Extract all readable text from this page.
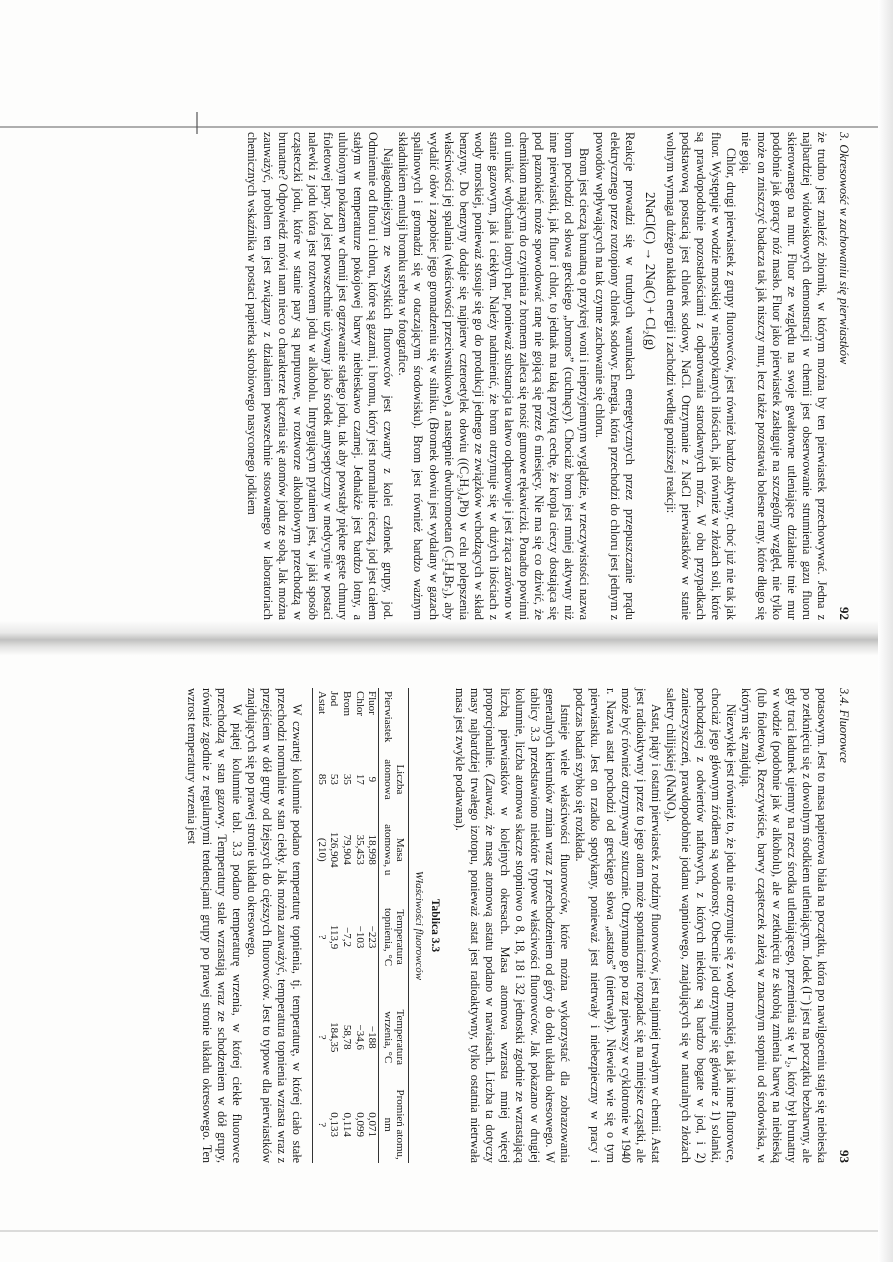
3. Okresowość w zachowaniu się pierwiastków
92

że trudno jest znaleźć zbiornik, w którym można by ten pierwiastek przechowywać. Jedna z najbardziej widowiskowych demonstracji w chemii jest obserwowanie strumienia gazu fluoru skierowanego na mur. Fluor ze względu na swoje gwałtowne utleniające działanie tnie mur podobnie jak gorący nóż masło. Fluor jako pierwiastek zasługuje na szczególny względ, nie tylko może on zniszczyć badacza tak jak niszczy mur, lecz także pozostawia bolesne rany, które długo się nie goją.

Chlor, drugi pierwiastek z grupy fluorowców, jest również bardzo aktywny, choć już nie tak jak fluor. Występuje w wodzie morskiej w niespotykanych ilościach, jak również w złożach soli, które są prawdopodobnie pozostałościami z odparowania starodawnych mórz. W obu przypadkach podstawową postacią jest chlorek sodowy, NaCl. Otrzymanie z NaCl pierwiastków w stanie wolnym wymaga dużego nakładu energii i zachodzi według poniższej reakcji:

2NaCl(C) → 2Na(C) + Cl₂(g)

Reakcje prowadzi się w trudnych warunkach energetycznych przez przepuszczanie prądu elektrycznego przez roztopiony chlorek sodowy. Energia, która przechodzi do chloru jest jednym z powodów wpływających na tak czynne zachowanie się chloru.

Brom jest cieczą brunatną o przykrej woni i nieprzyjemnym wyglądzie, w rzeczywistości nazwa brom pochodzi od słowa greckiego „bromos” (cuchnący). Chociaż brom jest mniej aktywny niż inne pierwiastki, jak fluor i chlor, to jednak ma taką przykrą cechę, że kropla cieczy dostająca się pod paznokieć może spowodować ranę nie gojącą się przez 6 miesięcy. Nie ma się co dziwić, że chemikom mającym do czynienia z bromem zaleca się nosić gumowe rękawiczki. Ponadto powinni oni unikać wdychania lotnych par, ponieważ substancja ta łatwo odparowuje i jest żrąca zarówno w stanie gazowym, jak i ciekłym. Należy nadmienić, że brom otrzymuje się w dużych ilościach z wody morskiej, ponieważ stosuje się go do produkcji jednego ze związków wchodzących w skład benzyny. Do benzyny dodaje się najpierw czteroetylek ołowiu ((C₂H₅)₄Pb) w celu polepszenia właściwości jej spalania (właściwości przeciwstukowe), a następnie dwubromoetan (C₂H₄Br₂), aby wydalić ołów i zapobiec jego gromadzeniu się w silniku. (Bromek ołowiu jest wydalany w gazach spalinowych i gromadzi się w otaczającym środowisku). Brom jest również bardzo ważnym składnikiem emulsji bromku srebra w fotografice.

Najłagodniejszym ze wszystkich fluorowców jest czwarty z kolei członek grupy, jod. Odmiennie od fluoru i chloru, które są gazami, i bromu, który jest normalnie cieczą, jod jest ciałem stałym w temperaturze pokojowej barwy niebieskawo czarnej. Jednakże jest bardzo lotny, a ulubionym pokazem w chemii jest ogrzewanie stałego jodu, tak aby powstały piękne gęste chmury fioletowej pary. Jod jest powszechnie używany jako środek antyseptyczny w medycynie w postaci nalewki z jodu która jest roztworem jodu w alkoholu. Intrygującym pytaniem jest, w jaki sposób cząsteczki jodu, które w stanie pary są purpurowe, w roztworze alkoholowym przechodzą w brunatne? Odpowiedź mówi nam nieco o charakterze łączenia się atomów jodu ze sobą. Jak można zauważyć, problem ten jest związany z działaniem powszechnie stosowanego w laboratoriach chemicznych wskaźnika w postaci papierka skrobiowego nasyconego jodkiem

3.4. Fluorowce
93

potasowym. Jest to masa papierowa biała na początku, która po nawilgoceniu staje się niebieska po zetknięciu się z dowolnym środkiem utleniającym. Jodek (I⁻) jest na początku bezbarwny, ale gdy traci ładunek ujemny na rzecz środka utleniającego, przemienia się w I₂, który był brunatny w wodzie (podobnie jak w alkoholu), ale w zetknięciu ze skrobią zmienia barwę na niebieską (lub fioletową). Rzeczywiście, barwy cząsteczek zależą w znacznym stopniu od środowiska, w którym się znajdują.

Niezwykłe jest również to, że jodu nie otrzymuje się z wody morskiej, tak jak inne fluorowce, chociaż jego głównym źródłem są wodorosty. Obecnie jod otrzymuje się głównie z 1) solanki, pochodzącej z odwiertów naftowych, z których niektóre są bardzo bogate w jod, i 2) zanieczyszczeń, prawdopodobnie jodanu wapniowego, znajdujących się w naturalnych złożach saletry chilijskiej (NaNO₃).

Astat, piąty i ostatni pierwiastek z rodziny fluorowców, jest najmniej trwałym w chemii. Astat jest radioaktywny i przez to jego atom może spontanicznie rozpadać się na mniejsze cząstki, ale może być również otrzymywany sztucznie. Otrzymano go po raz pierwszy w cyklotronie w 1940 r. Nazwa astat pochodzi od greckiego słowa „astatos” (nietrwały). Niewiele wie się o tym pierwiastku. Jest on rzadko spotykany, ponieważ jest nietrwały i niebezpieczny w pracy i podczas badań szybko się rozkłada.

Istnieje wiele właściwości fluorowców, które można wykorzystać dla zobrazowania generalnych kierunków zmian wraz z przechodzeniem od góry do dołu układu okresowego. W tablicy 3.3 przedstawiono niektóre typowe właściwości fluorowców. Jak pokazano w drugiej kolumnie, liczba atomowa skacze stopniowo o 8, 18, 18 i 32 jednostki zgodnie ze wzrastającą liczbą pierwiastków w kolejnych okresach. Masa atomowa wzrasta mniej więcej proporcjonalnie. (Zauważ, że masę atomową astatu podano w nawiasach. Liczba ta dotyczy masy najbardziej trwałego izotopu, ponieważ astat jest radioaktywny, tylko ostatnia nietrwała masa jest zwykle podawana).

Tablica 3.3
Właściwości fluorowców
Pierwiastek	Liczba atomowa	Masa atomowa, u	Temperatura topnienia, °C	Temperatura wrzenia, °C	Promień atomu, nm
Fluor	9	18,998	−223	−188	0,071
Chlor	17	35,453	−103	−34,6	0,099
Brom	35	79,904	−7,2	58,78	0,114
Jod	53	126,904	113,9	184,35	0,133
Astat	85	(210)	?	?	?

W czwartej kolumnie podano temperaturę topnienia, tj. temperaturę, w której ciało stałe przechodzi normalnie w stan ciekły. Jak można zauważyć, temperatura topnienia wzrasta wraz z przejściem w dół grupy od lżejszych do cięższych fluorowców. Jest to typowe dla pierwiastków znajdujących się po prawej stronie układu okresowego.

W piątej kolumnie tabl. 3.3 podano temperaturę wrzenia, w której ciekłe fluorowce przechodzą w stan gazowy. Temperatury stale wzrastają wraz ze schodzeniem w dół grupy, również zgodnie z regularnymi tendencjami grupy po prawej stronie układu okresowego. Ten wzrost temperatury wrzenia jest
